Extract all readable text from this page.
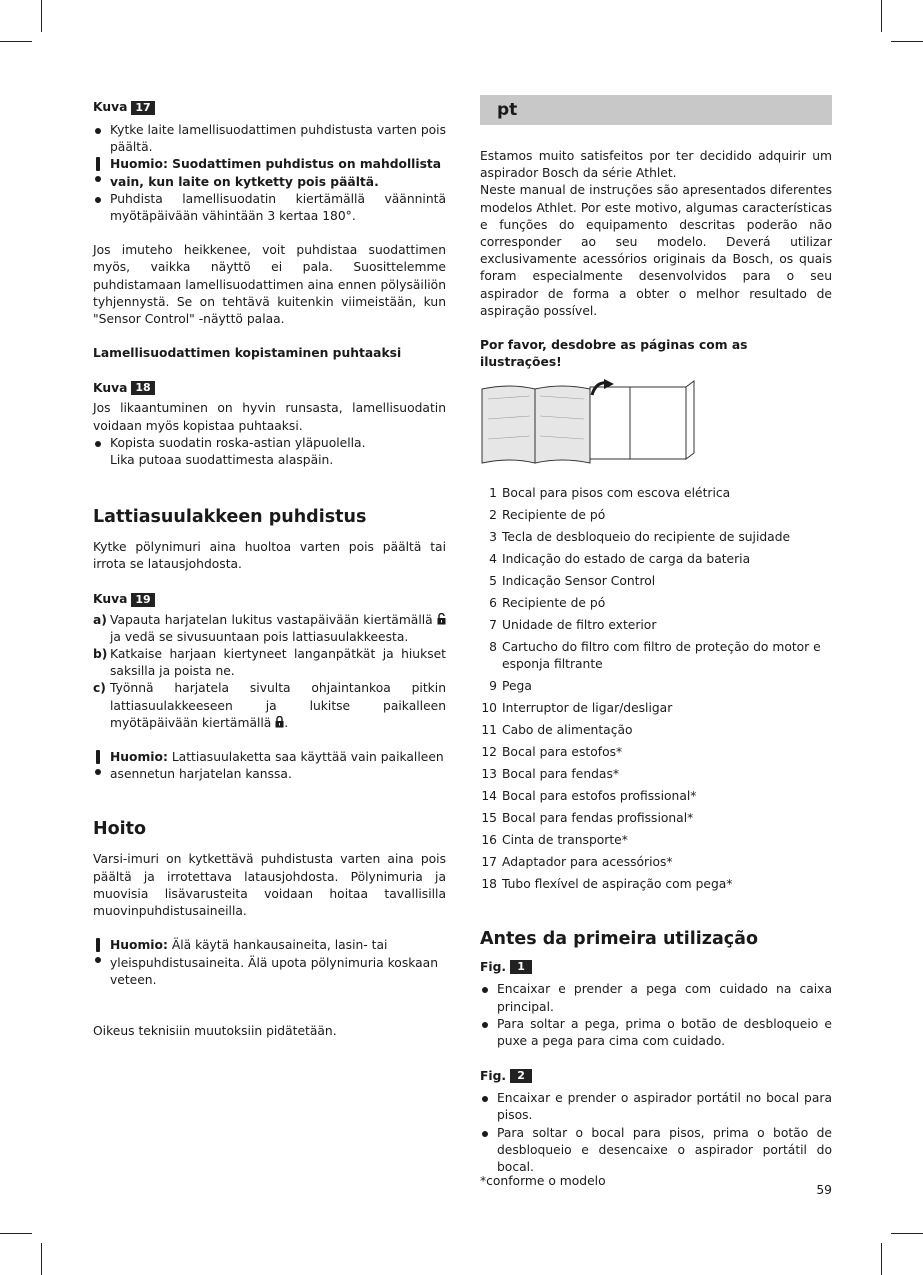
Kuva 17
Kytke laite lamellisuodattimen puhdistusta varten pois päältä.
Huomio: Suodattimen puhdistus on mahdollista vain, kun laite on kytketty pois päältä.
Puhdista lamellisuodatin kiertämällä väännintä myötäpäivään vähintään 3 kertaa 180°.

Jos imuteho heikkenee, voit puhdistaa suodattimen myös, vaikka näyttö ei pala. Suosittelemme puhdistamaan lamellisuodattimen aina ennen pölysäiliön tyhjennystä. Se on tehtävä kuitenkin viimeistään, kun "Sensor Control" -näyttö palaa.

Lamellisuodattimen kopistaminen puhtaaksi

Kuva 18

Jos likaantuminen on hyvin runsasta, lamellisuodatin voidaan myös kopistaa puhtaaksi.

Kopista suodatin roska-astian yläpuolella.
Lika putoaa suodattimesta alaspäin.
Lattiasuulakkeen puhdistus

Kytke pölynimuri aina huoltoa varten pois päältä tai irrota se latausjohdosta.

Kuva 19
a) Vapauta harjatelan lukitus vastapäivään kiertämällä  ja vedä se sivusuuntaan pois lattiasuulakkeesta.
b) Katkaise harjaan kiertyneet langanpätkät ja hiukset saksilla ja poista ne.
c) Työnnä harjatela sivulta ohjaintankoa pitkin lattiasuulakkeeseen ja lukitse paikalleen myötäpäivään kiertämällä .
Huomio: Lattiasuulaketta saa käyttää vain paikalleen asennetun harjatelan kanssa.
Hoito

Varsi-imuri on kytkettävä puhdistusta varten aina pois päältä ja irrotettava latausjohdosta. Pölynimuria ja muovisia lisävarusteita voidaan hoitaa tavallisilla muovinpuhdistusaineilla.

Huomio: Älä käytä hankausaineita, lasin- tai yleispuhdistusaineita. Älä upota pölynimuria koskaan veteen.

Oikeus teknisiin muutoksiin pidätetään.

pt

Estamos muito satisfeitos por ter decidido adquirir um aspirador Bosch da série Athlet.

Neste manual de instruções são apresentados diferentes modelos Athlet. Por este motivo, algumas características e funções do equipamento descritas poderão não corresponder ao seu modelo. Deverá utilizar exclusivamente acessórios originais da Bosch, os quais foram especialmente desenvolvidos para o seu aspirador de forma a obter o melhor resultado de aspiração possível.

Por favor, desdobre as páginas com as ilustrações!

1 Bocal para pisos com escova elétrica
2 Recipiente de pó
3 Tecla de desbloqueio do recipiente de sujidade
4 Indicação do estado de carga da bateria
5 Indicação Sensor Control
6 Recipiente de pó
7 Unidade de filtro exterior
8 Cartucho do filtro com filtro de proteção do motor e esponja filtrante
9 Pega
10 Interruptor de ligar/desligar
11 Cabo de alimentação
12 Bocal para estofos*
13 Bocal para fendas*
14 Bocal para estofos profissional*
15 Bocal para fendas profissional*
16 Cinta de transporte*
17 Adaptador para acessórios*
18 Tubo flexível de aspiração com pega*
Antes da primeira utilização
Fig.	1
Encaixar e prender a pega com cuidado na caixa principal.
Para soltar a pega, prima o botão de desbloqueio e puxe a pega para cima com cuidado.
Fig.	2
Encaixar e prender o aspirador portátil no bocal para pisos.
Para soltar o bocal para pisos, prima o botão de desbloqueio e desencaixe o aspirador portátil do bocal.
*conforme o modelo
59
